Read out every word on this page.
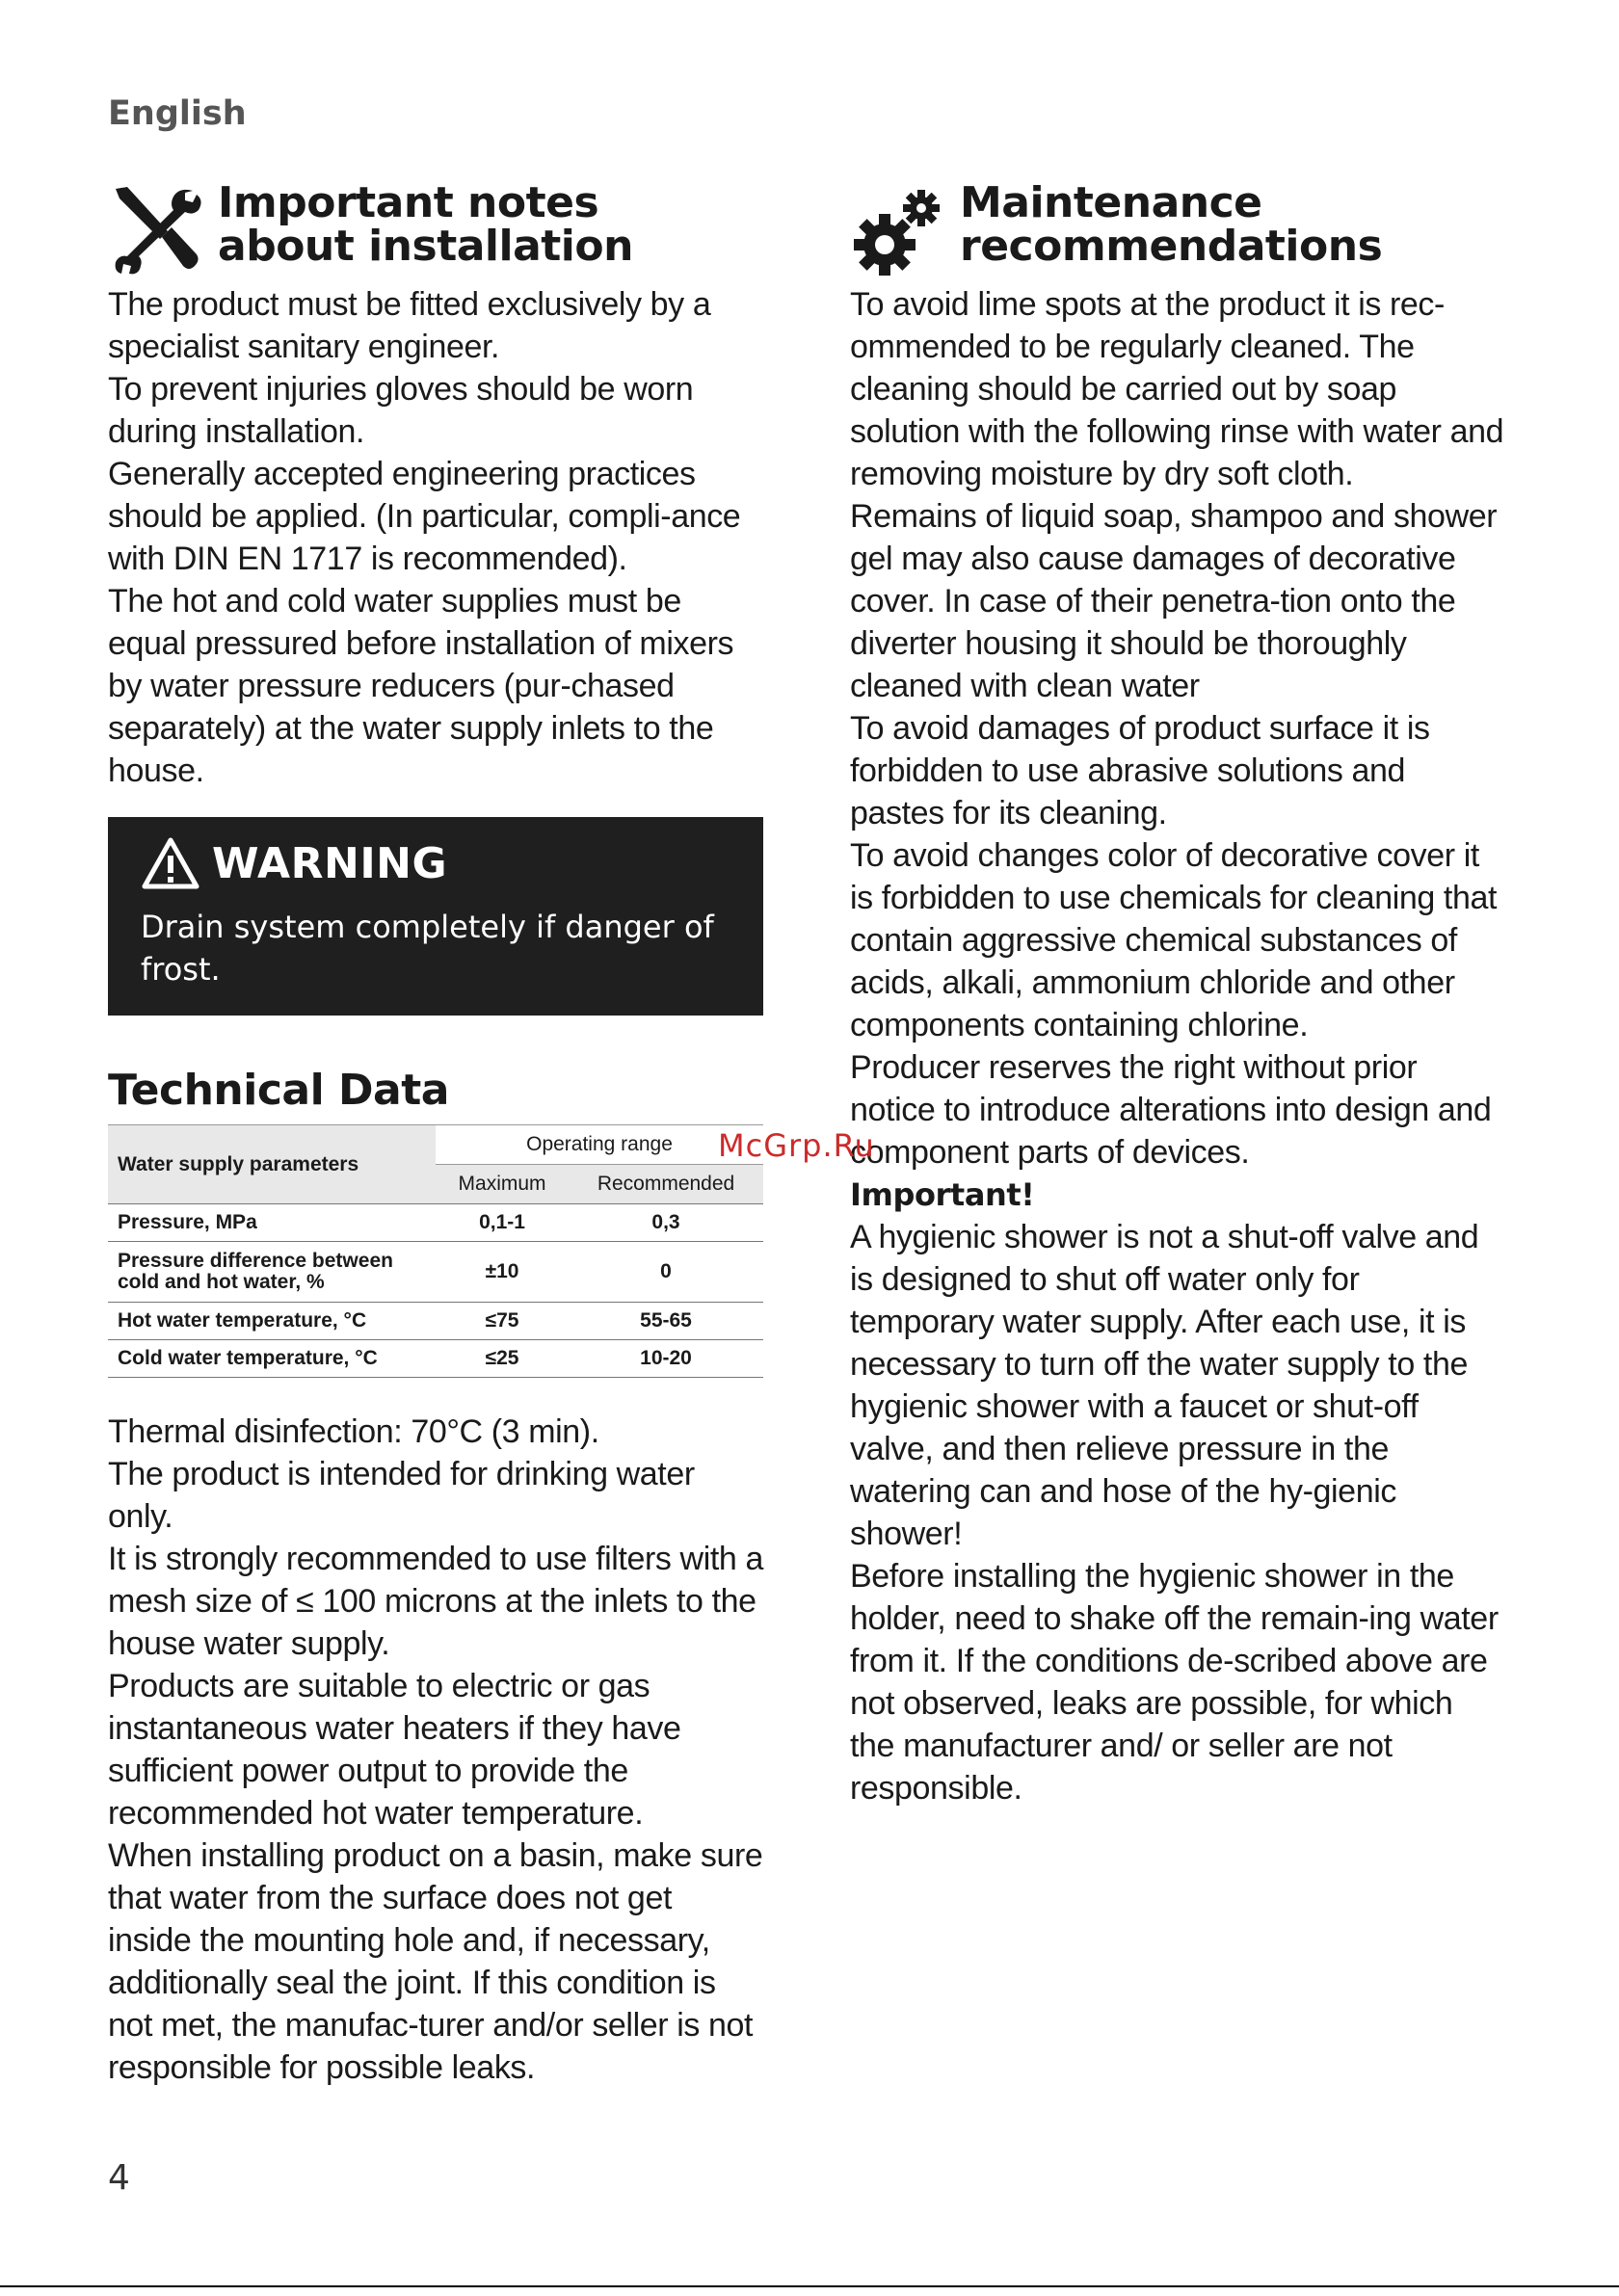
English
Important notes
about installation

The product must be fitted exclusively by a specialist sanitary engineer.

To prevent injuries gloves should be worn during installation.

Generally accepted engineering practices should be applied. (In particular, compli-ance with DIN EN 1717 is recommended).

The hot and cold water supplies must be equal pressured before installation of mixers by water pressure reducers (pur-chased separately) at the water supply inlets to the house.

WARNING
Drain system completely if danger of frost.
Technical Data
Water supply parameters	Operating range	
	Maximum	Recommended
Pressure, MPa	0,1-1	0,3
Pressure difference between cold and hot water, %	±10	0
Hot water temperature, °C	≤75	55-65
Cold water temperature, °C	≤25	10-20

Thermal disinfection: 70°C (3 min).

The product is intended for drinking water only.

It is strongly recommended to use filters with a mesh size of ≤ 100 microns at the inlets to the house water supply.

Products are suitable to electric or gas instantaneous water heaters if they have sufficient power output to provide the recommended hot water temperature.

When installing product on a basin, make sure that water from the surface does not get inside the mounting hole and, if necessary, additionally seal the joint. If this condition is not met, the manufac-turer and/or seller is not responsible for possible leaks.

Maintenance
recommendations

To avoid lime spots at the product it is rec-ommended to be regularly cleaned. The cleaning should be carried out by soap solution with the following rinse with water and removing moisture by dry soft cloth.

Remains of liquid soap, shampoo and shower gel may also cause damages of decorative cover. In case of their penetra-tion onto the diverter housing it should be thoroughly cleaned with clean water

To avoid damages of product surface it is forbidden to use abrasive solutions and pastes for its cleaning.

To avoid changes color of decorative cover it is forbidden to use chemicals for cleaning that contain aggressive chemical substances of acids, alkali, ammonium chloride and other components containing chlorine.

Producer reserves the right without prior notice to introduce alterations into design and component parts of devices.

Important!

A hygienic shower is not a shut-off valve and is designed to shut off water only for temporary water supply. After each use, it is necessary to turn off the water supply to the hygienic shower with a faucet or shut-off valve, and then relieve pressure in the watering can and hose of the hy-gienic shower!

Before installing the hygienic shower in the holder, need to shake off the remain-ing water from it. If the conditions de-scribed above are not observed, leaks are possible, for which the manufacturer and/ or seller are not responsible.

McGrp.Ru
4
